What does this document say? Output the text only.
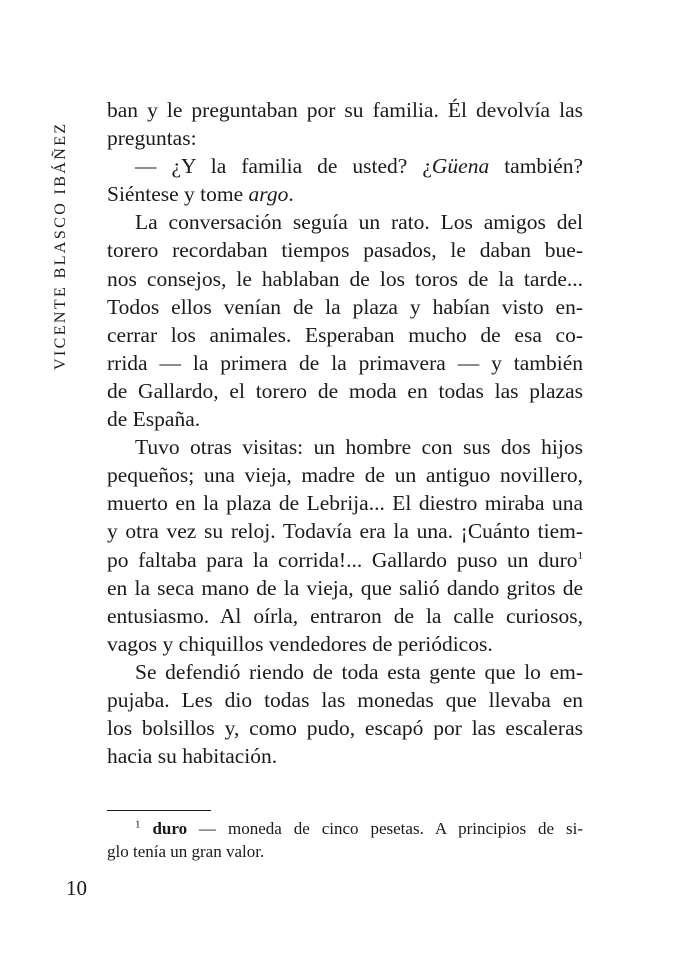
VICENTE BLASCO IBÁÑEZ
ban y le preguntaban por su familia. Él devolvía las
preguntas:
— ¿Y la familia de usted? ¿Güena también?
Siéntese y tome argo.
La conversación seguía un rato. Los amigos del
torero recordaban tiempos pasados, le daban bue-
nos consejos, le hablaban de los toros de la tarde...
Todos ellos venían de la plaza y habían visto en-
cerrar los animales. Esperaban mucho de esa co-
rrida — la primera de la primavera — y también
de Gallardo, el torero de moda en todas las plazas
de España.
Tuvo otras visitas: un hombre con sus dos hijos
pequeños; una vieja, madre de un antiguo novillero,
muerto en la plaza de Lebrija... El diestro miraba una
y otra vez su reloj. Todavía era la una. ¡Cuánto tiem-
po faltaba para la corrida!... Gallardo puso un duro$^1$
en la seca mano de la vieja, que salió dando gritos de
entusiasmo. Al oírla, entraron de la calle curiosos,
vagos y chiquillos vendedores de periódicos.
Se defendió riendo de toda esta gente que lo em-
pujaba. Les dio todas las monedas que llevaba en
los bolsillos y, como pudo, escapó por las escaleras
hacia su habitación.
$^1$ duro — moneda de cinco pesetas. A principios de si-
glo tenía un gran valor.
10
